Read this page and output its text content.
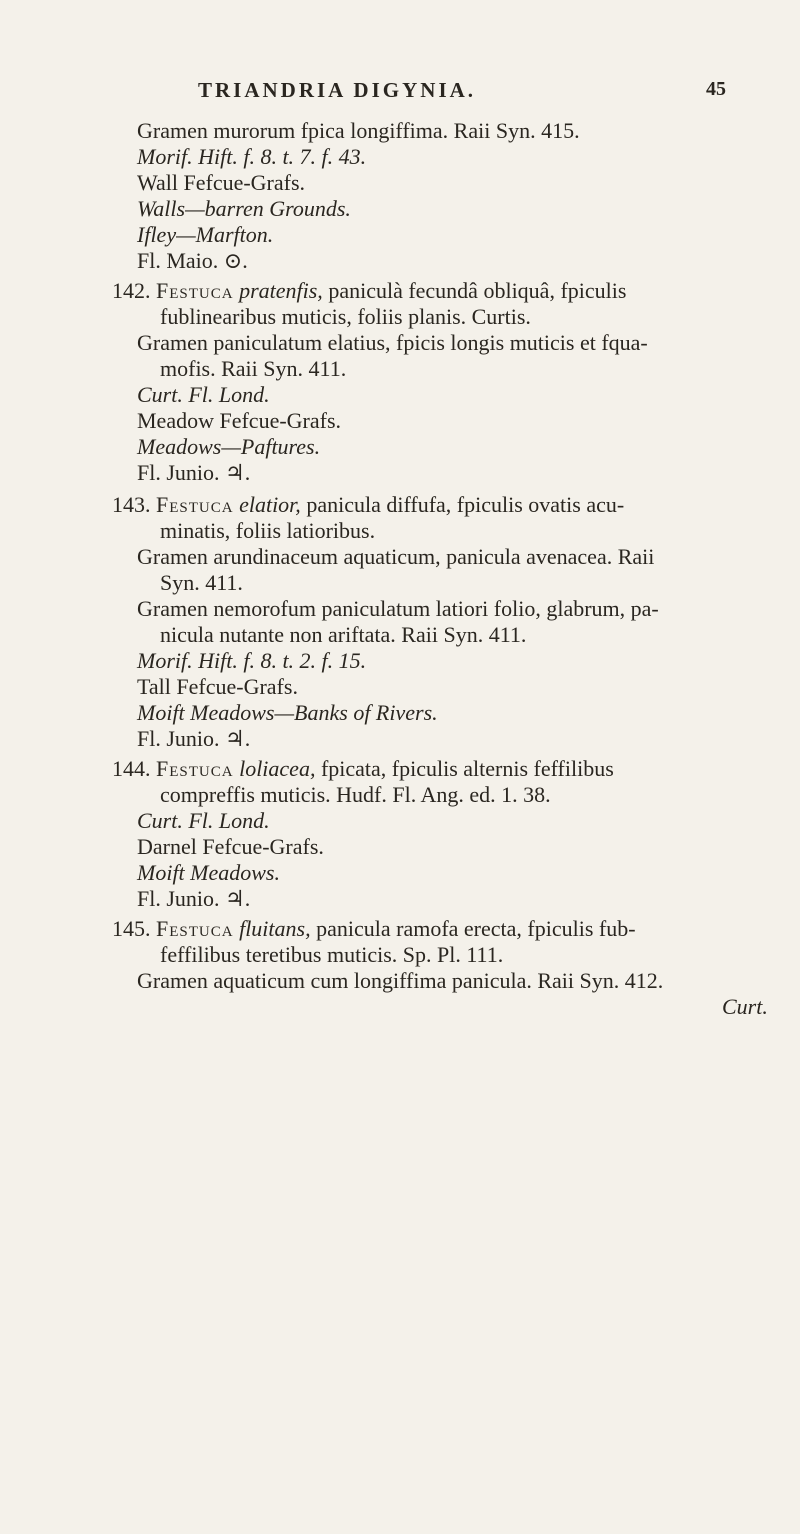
TRIANDRIA DIGYNIA.	45
Gramen murorum fpica longiffima. Raii Syn. 415.
Morif. Hift. f. 8. t. 7. f. 43.
Wall Fefcue-Grafs.
Walls—barren Grounds.
Ifley—Marfton.
Fl. Maio. ⊙.
142. Festuca pratenfis, paniculà fecundâ obliquâ, fpiculis
fublinearibus muticis, foliis planis. Curtis.
Gramen paniculatum elatius, fpicis longis muticis et fqua-
mofis. Raii Syn. 411.
Curt. Fl. Lond.
Meadow Fefcue-Grafs.
Meadows—Paftures.
Fl. Junio. ♃.
143. Festuca elatior, panicula diffufa, fpiculis ovatis acu-
minatis, foliis latioribus.
Gramen arundinaceum aquaticum, panicula avenacea. Raii
Syn. 411.
Gramen nemorofum paniculatum latiori folio, glabrum, pa-
nicula nutante non ariftata. Raii Syn. 411.
Morif. Hift. f. 8. t. 2. f. 15.
Tall Fefcue-Grafs.
Moift Meadows—Banks of Rivers.
Fl. Junio. ♃.
144. Festuca loliacea, fpicata, fpiculis alternis feffilibus
compreffis muticis. Hudf. Fl. Ang. ed. 1. 38.
Curt. Fl. Lond.
Darnel Fefcue-Grafs.
Moift Meadows.
Fl. Junio. ♃.
145. Festuca fluitans, panicula ramofa erecta, fpiculis fub-
feffilibus teretibus muticis. Sp. Pl. 111.
Gramen aquaticum cum longiffima panicula. Raii Syn. 412.
Curt.
